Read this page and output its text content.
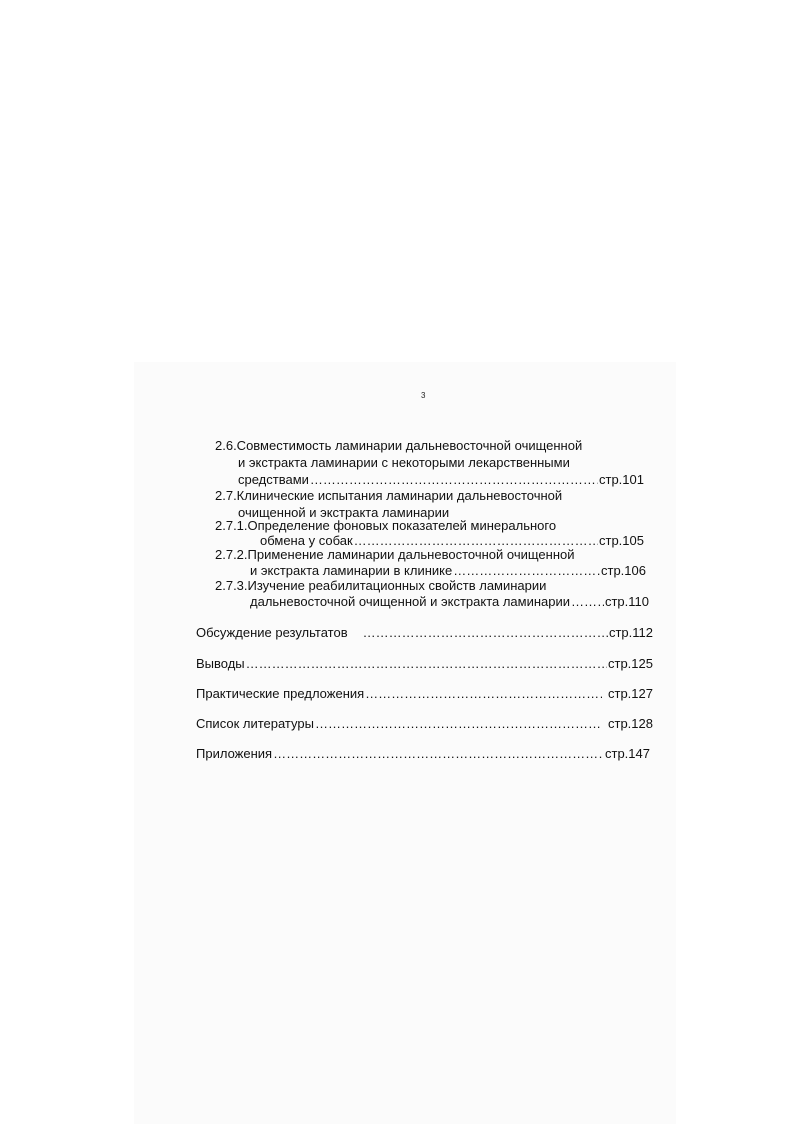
3
2.6.Совместимость ламинарии дальневосточной очищенной
и экстракта ламинарии с некоторыми лекарственными
средствами …………………………………………………………………………………………………………………………………………………………………	стр.101
2.7.Клинические испытания ламинарии дальневосточной
очищенной и экстракта ламинарии
2.7.1.Определение фоновых показателей минерального
обмена у собак …………………………………………………………………………………………………………………………………………………………………	стр.105
2.7.2.Применение ламинарии дальневосточной очищенной
и экстракта ламинарии в клинике …………………………………………………………………………………………………………………………………………………………………	стр.106
2.7.3.Изучение реабилитационных свойств ламинарии
дальневосточной очищенной и экстракта ламинарии …………………………………………………………………………………………………………………………………………………………………	стр.110
Обсуждение результатов …………………………………………………………………………………………………………………………………………………………………	стр.112
Выводы …………………………………………………………………………………………………………………………………………………………………	стр.125
Практические предложения …………………………………………………………………………………………………………………………………………………………………	стр.127
Список литературы …………………………………………………………………………………………………………………………………………………………………	стр.128
Приложения …………………………………………………………………………………………………………………………………………………………………	стр.147
